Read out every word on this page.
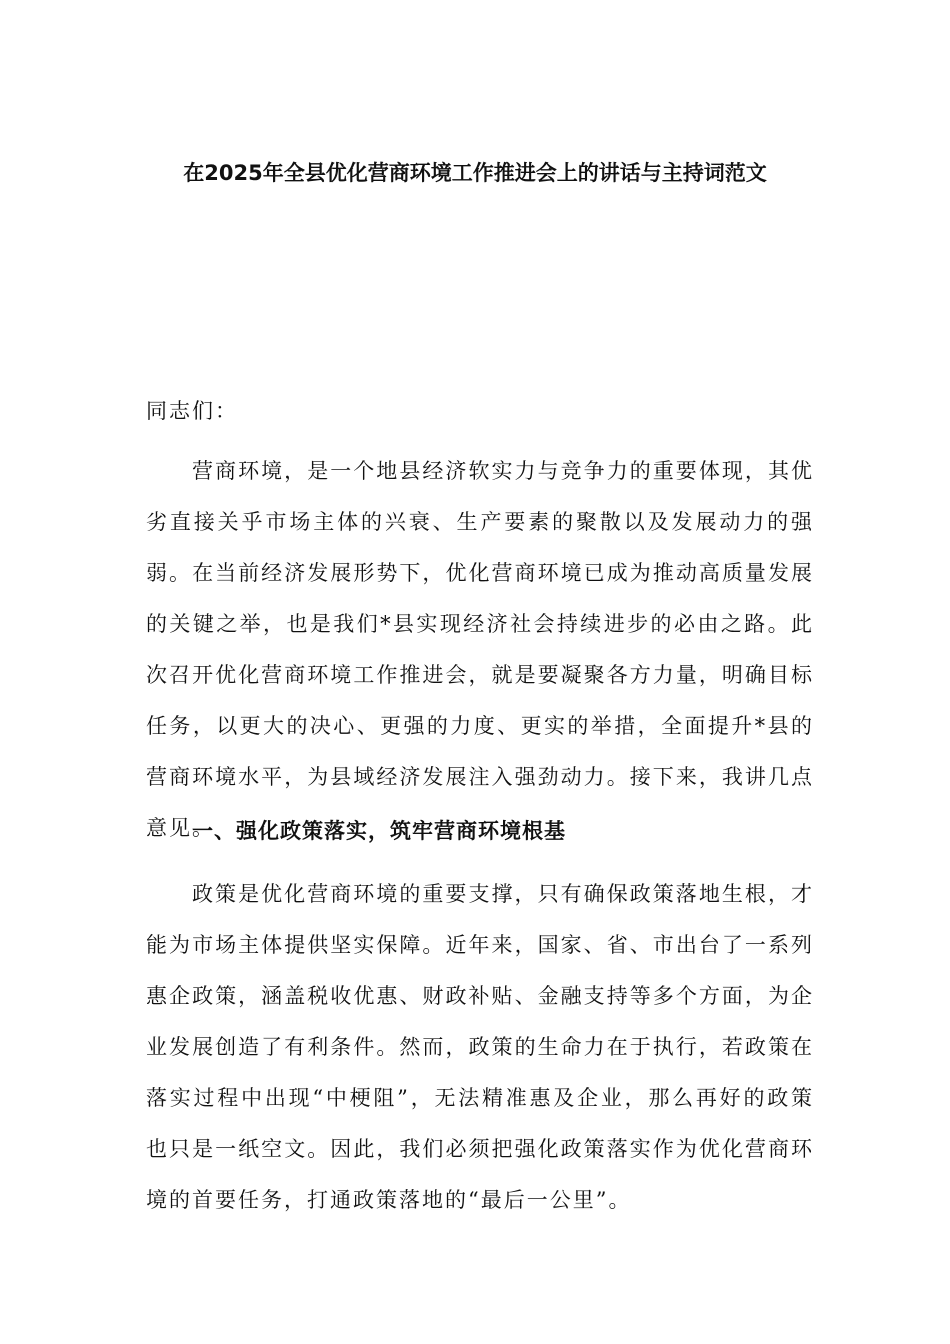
在2025年全县优化营商环境工作推进会上的讲话与主持词范文

同志们：

营商环境，是一个地县经济软实力与竞争力的重要体现，其优劣直接关乎市场主体的兴衰、生产要素的聚散以及发展动力的强弱。在当前经济发展形势下，优化营商环境已成为推动高质量发展的关键之举，也是我们*县实现经济社会持续进步的必由之路。此次召开优化营商环境工作推进会，就是要凝聚各方力量，明确目标任务，以更大的决心、更强的力度、更实的举措，全面提升*县的营商环境水平，为县域经济发展注入强劲动力。接下来，我讲几点意见。

一、强化政策落实，筑牢营商环境根基

政策是优化营商环境的重要支撑，只有确保政策落地生根，才能为市场主体提供坚实保障。近年来，国家、省、市出台了一系列惠企政策，涵盖税收优惠、财政补贴、金融支持等多个方面，为企业发展创造了有利条件。然而，政策的生命力在于执行，若政策在落实过程中出现“中梗阻”，无法精准惠及企业，那么再好的政策也只是一纸空文。因此，我们必须把强化政策落实作为优化营商环境的首要任务，打通政策落地的“最后一公里”。
